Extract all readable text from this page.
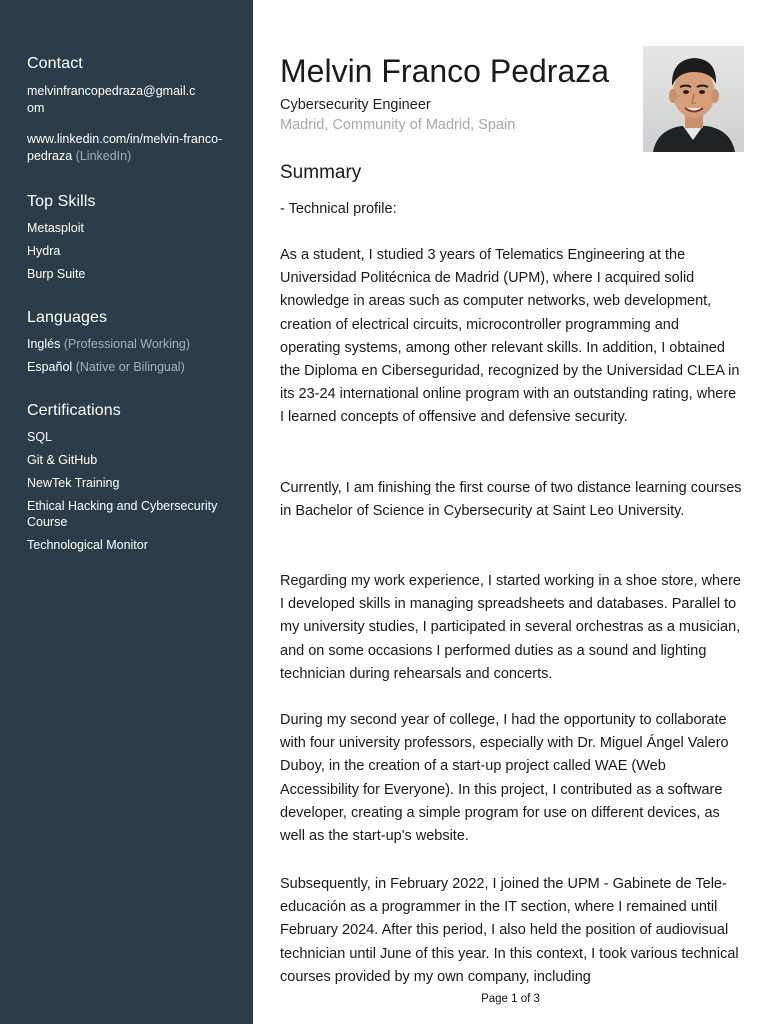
Contact
melvinfrancopedraza@gmail.c
om
www.linkedin.com/in/melvin-franco-
pedraza (LinkedIn)
Top Skills
Metasploit
Hydra
Burp Suite
Languages
Inglés (Professional Working)
Español (Native or Bilingual)
Certifications
SQL
Git & GitHub
NewTek Training
Ethical Hacking and Cybersecurity
Course
Technological Monitor
Melvin Franco Pedraza
Cybersecurity Engineer
Madrid, Community of Madrid, Spain
Summary
- Technical profile:
As a student, I studied 3 years of Telematics Engineering at the Universidad Politécnica de Madrid (UPM), where I acquired solid knowledge in areas such as computer networks, web development, creation of electrical circuits, microcontroller programming and operating systems, among other relevant skills. In addition, I obtained the Diploma en Ciberseguridad, recognized by the Universidad CLEA in its 23-24 international online program with an outstanding rating, where I learned concepts of offensive and defensive security.
Currently, I am finishing the first course of two distance learning courses in Bachelor of Science in Cybersecurity at Saint Leo University.
Regarding my work experience, I started working in a shoe store, where I developed skills in managing spreadsheets and databases. Parallel to my university studies, I participated in several orchestras as a musician, and on some occasions I performed duties as a sound and lighting technician during rehearsals and concerts.
During my second year of college, I had the opportunity to collaborate with four university professors, especially with Dr. Miguel Ángel Valero Duboy, in the creation of a start-up project called WAE (Web Accessibility for Everyone). In this project, I contributed as a software developer, creating a simple program for use on different devices, as well as the start-up's website.
Subsequently, in February 2022, I joined the UPM - Gabinete de Tele-educación as a programmer in the IT section, where I remained until February 2024. After this period, I also held the position of audiovisual technician until June of this year. In this context, I took various technical courses provided by my own company, including
Page 1 of 3
